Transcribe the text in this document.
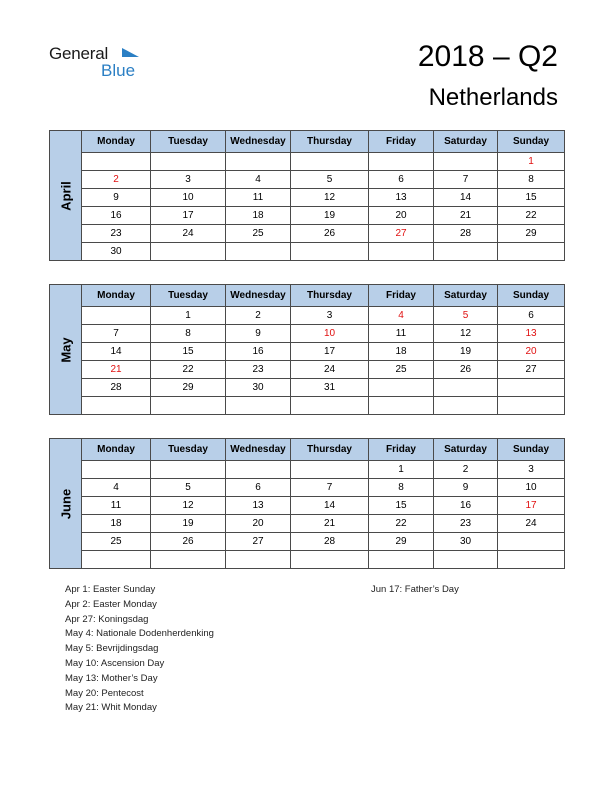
General
Blue	2018 – Q2
Netherlands
April	Monday	Tuesday	Wednesday	Thursday	Friday	Saturday	Sunday
							1
	2	3	4	5	6	7	8
	9	10	11	12	13	14	15
	16	17	18	19	20	21	22
	23	24	25	26	27	28	29
	30						
May	Monday	Tuesday	Wednesday	Thursday	Friday	Saturday	Sunday
		1	2	3	4	5	6
	7	8	9	10	11	12	13
	14	15	16	17	18	19	20
	21	22	23	24	25	26	27
	28	29	30	31			

June	Monday	Tuesday	Wednesday	Thursday	Friday	Saturday	Sunday
					1	2	3
	4	5	6	7	8	9	10
	11	12	13	14	15	16	17
	18	19	20	21	22	23	24
	25	26	27	28	29	30	

Apr 1: Easter Sunday
Apr 2: Easter Monday
Apr 27: Koningsdag
May 4: Nationale Dodenherdenking
May 5: Bevrijdingsdag
May 10: Ascension Day
May 13: Mother’s Day
May 20: Pentecost
May 21: Whit Monday
Jun 17: Father’s Day
